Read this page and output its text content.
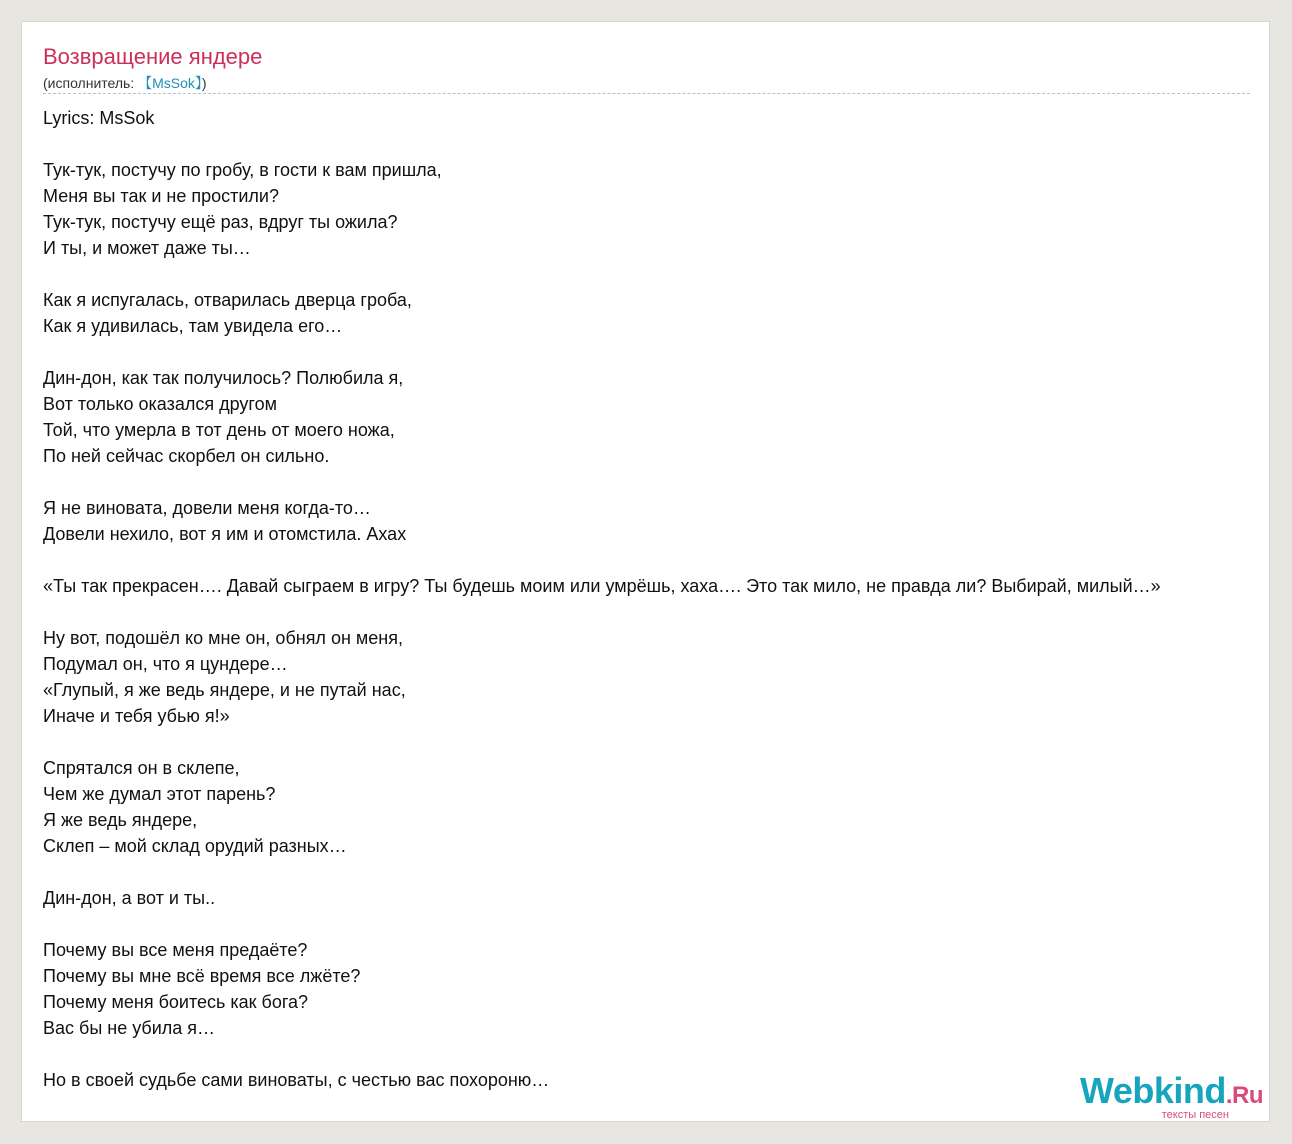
Возвращение яндере
(исполнитель: 【MsSok】)
Lyrics: MsSok
Тук-тук, постучу по гробу, в гости к вам пришла,
Меня вы так и не простили?
Тук-тук, постучу ещё раз, вдруг ты ожила?
И ты, и может даже ты…
Как я испугалась, отварилась дверца гроба,
Как я удивилась, там увидела его…
Дин-дон, как так получилось? Полюбила я,
Вот только оказался другом
Той, что умерла в тот день от моего ножа,
По ней сейчас скорбел он сильно.
Я не виновата, довели меня когда-то…
Довели нехило, вот я им и отомстила. Ахах
«Ты так прекрасен…. Давай сыграем в игру? Ты будешь моим или умрёшь, хаха…. Это так мило, не правда ли? Выбирай, милый…»
Ну вот, подошёл ко мне он, обнял он меня,
Подумал он, что я цундере…
«Глупый, я же ведь яндере, и не путай нас,
Иначе и тебя убью я!»
Спрятался он в склепе,
Чем же думал этот парень?
Я же ведь яндере,
Склеп – мой склад орудий разных…
Дин-дон, а вот и ты..
Почему вы все меня предаёте?
Почему вы мне всё время все лжёте?
Почему меня боитесь как бога?
Вас бы не убила я…
Но в своей судьбе сами виноваты, с честью вас похороню…	Webkind.Ru
тексты песен
